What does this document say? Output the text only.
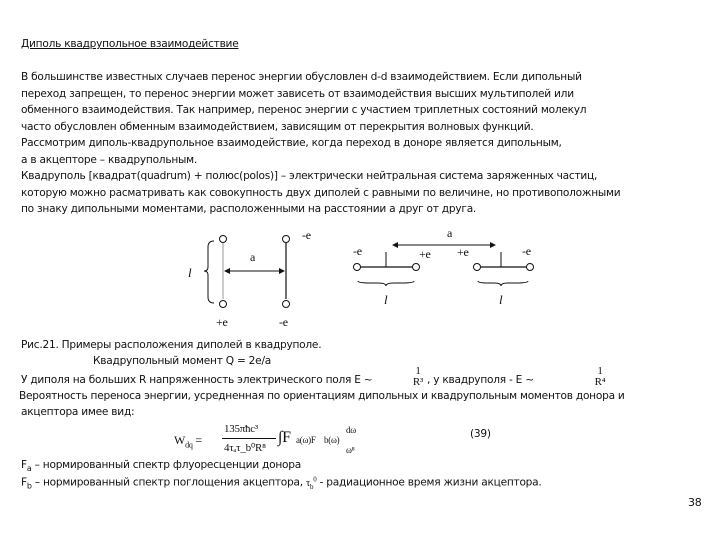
Диполь квадрупольное взаимодействие
В большинстве известных случаев перенос энергии обусловлен d-d взаимодействием. Если дипольный
переход запрещен, то перенос энергии может зависеть от взаимодействия высших мультиполей или
обменного взаимодействия. Так например, перенос энергии с участием триплетных состояний молекул
часто обусловлен обменным взаимодействием, зависящим от перекрытия волновых функций.
Рассмотрим диполь-квадрупольное взаимодействие, когда переход в доноре является дипольным,
а в акцепторе – квадрупольным.
Квадруполь [квадрат(quadrum) + полюс(polos)] – электрически нейтральная система заряженных частиц,
которую можно расматривать как совокупность двух диполей с равными по величине, но противоположными
по знаку дипольными моментами, расположенными на расстоянии а друг от друга.
a
l
-e
+e	-e
a
-e	+e +e	-e
l	l
Рис.21. Примеры расположения диполей в квадруполе.
Квадрупольный момент Q = 2e/a
У диполя на больших R напряженность электрического поля E ~
1
R³ , у квадруполя - E ~
1
R⁴
Вероятность переноса энергии, усредненная по ориентациям дипольных и квадрупольным моментов донора и
акцептора имее вид:
$W_{dq}$ =
135πħc³
4τₐτ_b⁰R⁸
∫F a(ω)F b(ω)
dω
ω⁸
(39)
$F_a$ – нормированный спектр флуоресценции донора
$F_b$ – нормированный спектр поглощения акцептора, $\tau_b^0$ - радиационное время жизни акцептора.
38
